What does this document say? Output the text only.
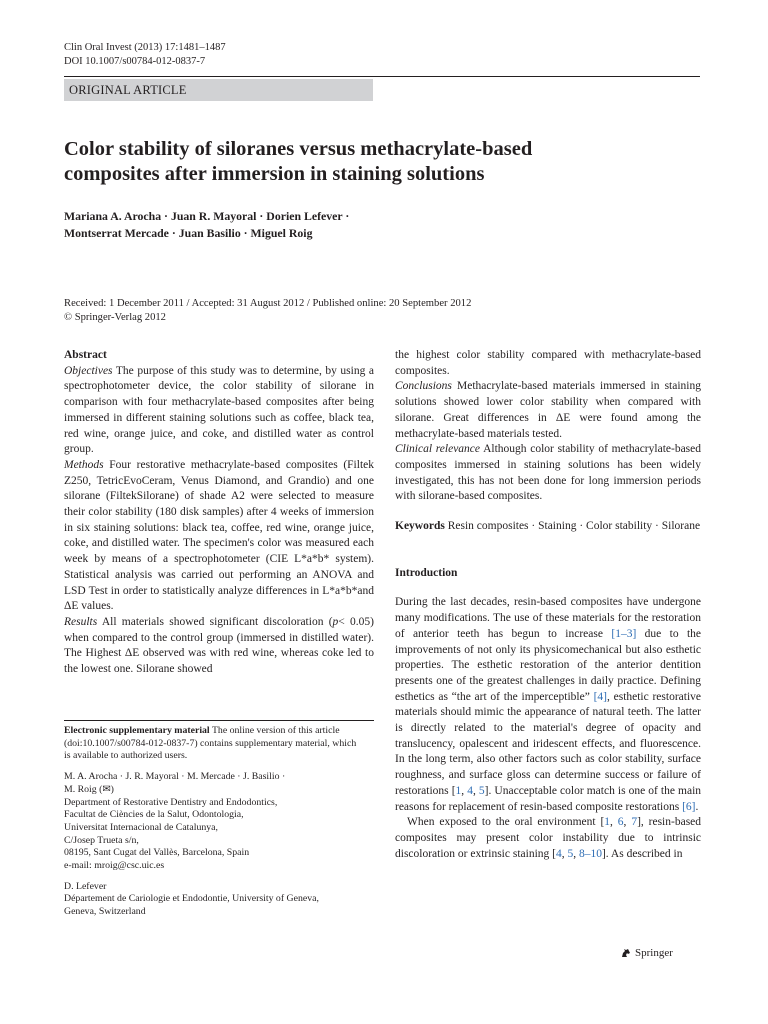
Clin Oral Invest (2013) 17:1481–1487
DOI 10.1007/s00784-012-0837-7
ORIGINAL ARTICLE
Color stability of siloranes versus methacrylate-based
composites after immersion in staining solutions
Mariana A. Arocha · Juan R. Mayoral · Dorien Lefever ·
Montserrat Mercade · Juan Basilio · Miguel Roig
Received: 1 December 2011 / Accepted: 31 August 2012 / Published online: 20 September 2012
© Springer-Verlag 2012

Abstract

Objectives The purpose of this study was to determine, by using a spectrophotometer device, the color stability of silorane in comparison with four methacrylate-based composites after being immersed in different staining solutions such as coffee, black tea, red wine, orange juice, and coke, and distilled water as control group.

Methods Four restorative methacrylate-based composites (Filtek Z250, TetricEvoCeram, Venus Diamond, and Grandio) and one silorane (FiltekSilorane) of shade A2 were selected to measure their color stability (180 disk samples) after 4 weeks of immersion in six staining solutions: black tea, coffee, red wine, orange juice, coke, and distilled water. The specimen's color was measured each week by means of a spectrophotometer (CIE L*a*b* system). Statistical analysis was carried out performing an ANOVA and LSD Test in order to statistically analyze differences in L*a*b*and ΔE values.

Results All materials showed significant discoloration (p< 0.05) when compared to the control group (immersed in distilled water). The Highest ΔE observed was with red wine, whereas coke led to the lowest one. Silorane showed

Electronic supplementary material The online version of this article (doi:10.1007/s00784-012-0837-7) contains supplementary material, which is available to authorized users.

M. A. Arocha · J. R. Mayoral · M. Mercade · J. Basilio ·

M. Roig (✉)

Department of Restorative Dentistry and Endodontics,

Facultat de Ciències de la Salut, Odontologia,

Universitat Internacional de Catalunya,

C/Josep Trueta s/n,

08195, Sant Cugat del Vallès, Barcelona, Spain

e-mail: mroig@csc.uic.es

D. Lefever

Département de Cariologie et Endodontie, University of Geneva,

Geneva, Switzerland

the highest color stability compared with methacrylate-based composites.

Conclusions Methacrylate-based materials immersed in staining solutions showed lower color stability when compared with silorane. Great differences in ΔE were found among the methacrylate-based materials tested.

Clinical relevance Although color stability of methacrylate-based composites immersed in staining solutions has been widely investigated, this has not been done for long immersion periods with silorane-based composites.

Keywords Resin composites · Staining · Color stability · Silorane

Introduction

During the last decades, resin-based composites have undergone many modifications. The use of these materials for the restoration of anterior teeth has begun to increase [1–3] due to the improvements of not only its physicomechanical but also esthetic properties. The esthetic restoration of the anterior dentition presents one of the greatest challenges in daily practice. Defining esthetics as “the art of the imperceptible” [4], esthetic restorative materials should mimic the appearance of natural teeth. The latter is directly related to the material's degree of opacity and translucency, opalescent and iridescent effects, and fluorescence. In the long term, also other factors such as color stability, surface roughness, and surface gloss can determine success or failure of restorations [1, 4, 5]. Unacceptable color match is one of the main reasons for replacement of resin-based composite restorations [6].

When exposed to the oral environment [1, 6, 7], resin-based composites may present color instability due to intrinsic discoloration or extrinsic staining [4, 5, 8–10]. As described in

Springer
